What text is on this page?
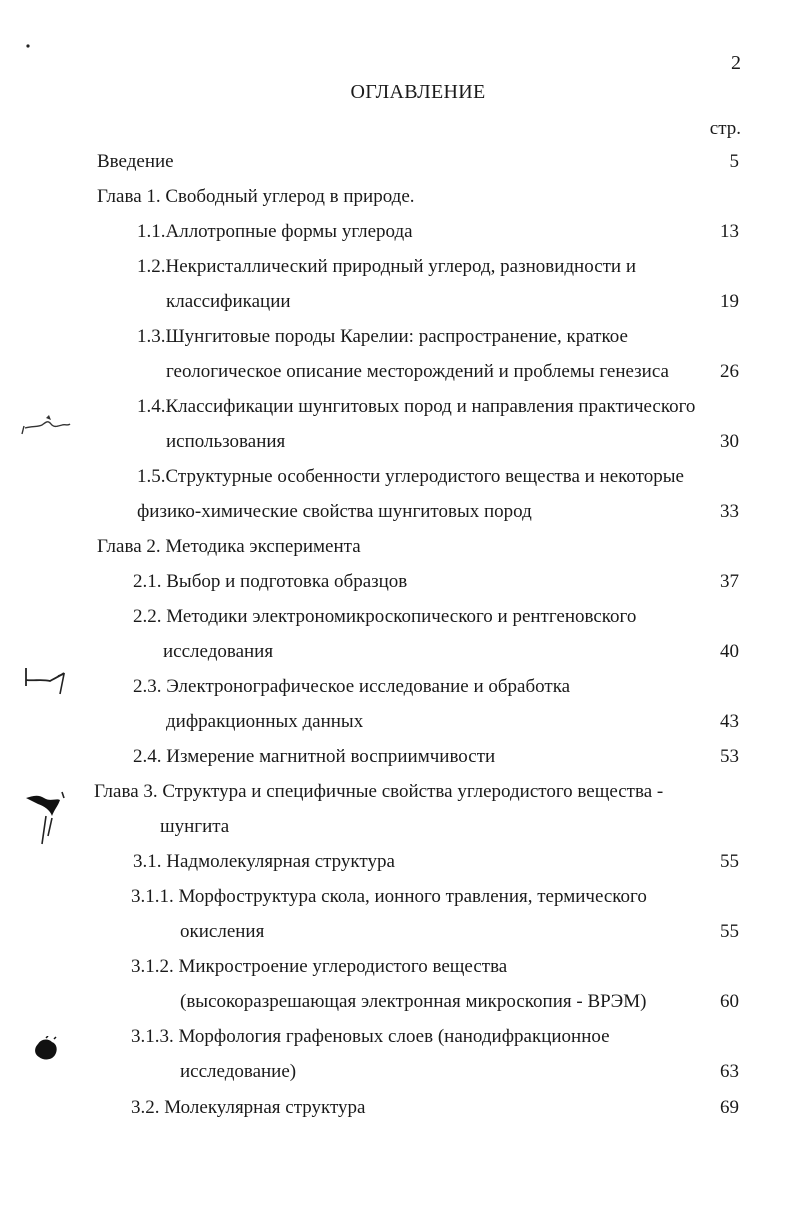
2
ОГЛАВЛЕНИЕ
стр.
Введение	5
Глава 1. Свободный углерод в природе.
1.1.Аллотропные формы углерода	13
1.2.Некристаллический природный углерод, разновидности и
классификации	19
1.3.Шунгитовые породы Карелии: распространение, краткое
геологическое описание месторождений и проблемы генезиса	26
1.4.Классификации шунгитовых пород и направления практического
использования	30
1.5.Структурные особенности углеродистого вещества и некоторые
физико-химические свойства шунгитовых пород	33
Глава 2. Методика эксперимента
2.1. Выбор и подготовка образцов	37
2.2. Методики электрономикроскопического и рентгеновского
исследования	40
2.3. Электронографическое исследование и обработка
дифракционных данных	43
2.4. Измерение магнитной восприимчивости	53
Глава 3. Структура и специфичные свойства углеродистого вещества -
шунгита
3.1. Надмолекулярная структура	55
3.1.1. Морфоструктура скола, ионного травления, термического
окисления	55
3.1.2. Микростроение углеродистого вещества
(высокоразрешающая электронная микроскопия - ВРЭМ)	60
3.1.3. Морфология графеновых слоев (нанодифракционное
исследование)	63
3.2. Молекулярная структура	69
